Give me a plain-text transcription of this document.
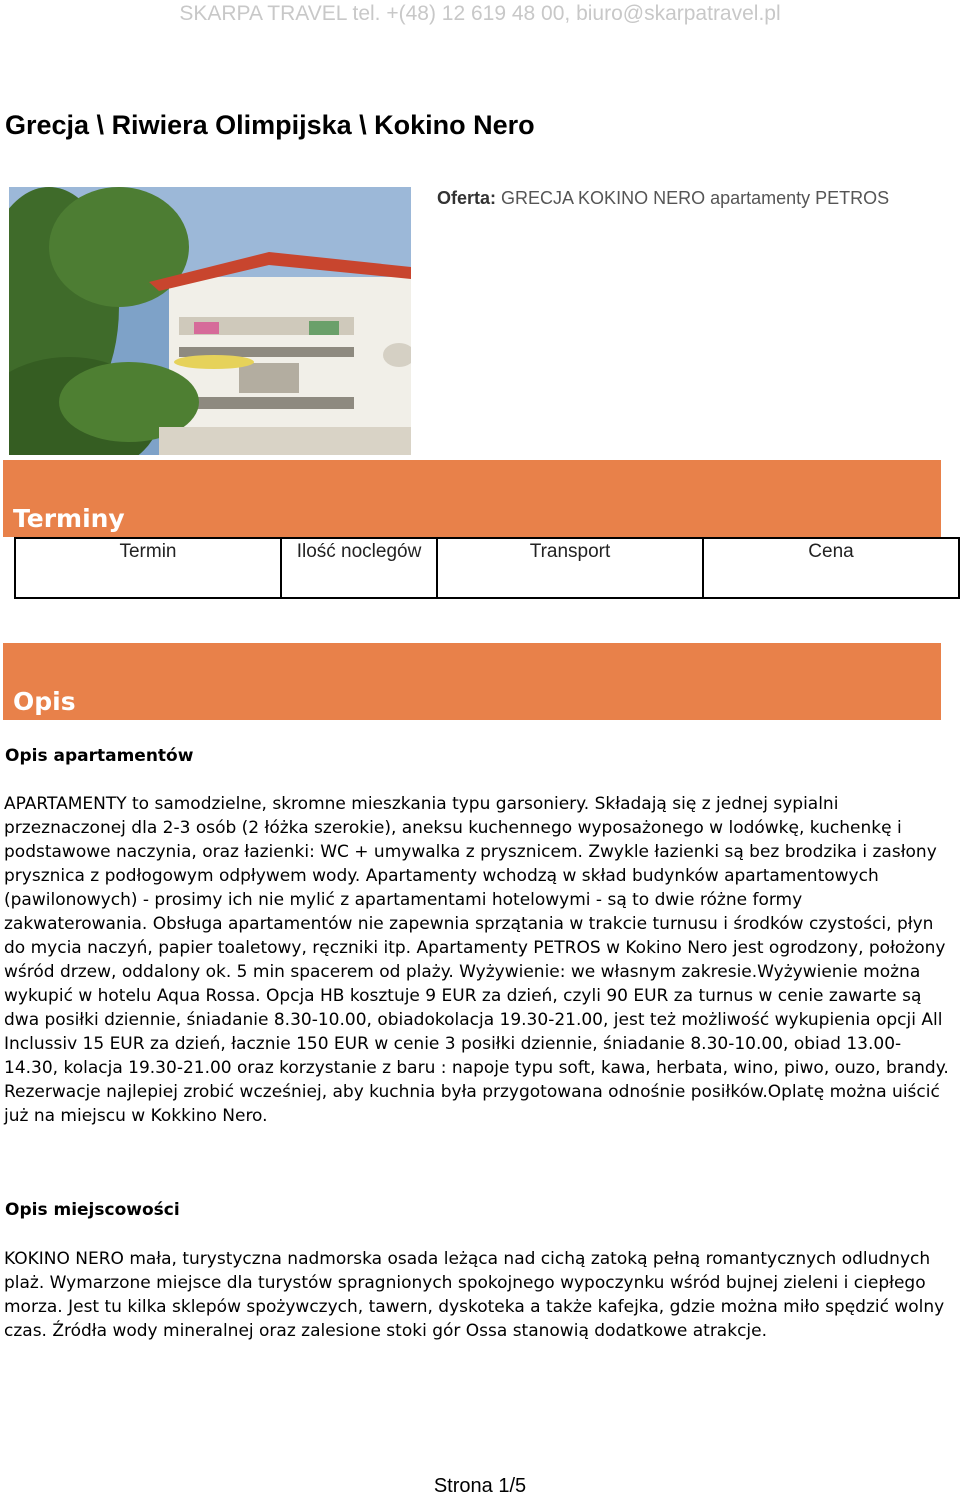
SKARPA TRAVEL tel. +(48) 12 619 48 00, biuro@skarpatravel.pl
Grecja \ Riwiera Olimpijska \ Kokino Nero
Oferta: GRECJA KOKINO NERO apartamenty PETROS
Terminy
Termin	Ilość noclegów	Transport	Cena
Opis
Opis apartamentów
APARTAMENTY to samodzielne, skromne mieszkania typu garsoniery. Składają się z jednej sypialni przeznaczonej dla 2-3 osób (2 łóżka szerokie), aneksu kuchennego wyposażonego w lodówkę, kuchenkę i podstawowe naczynia, oraz łazienki: WC + umywalka z prysznicem. Zwykle łazienki są bez brodzika i zasłony prysznica z podłogowym odpływem wody. Apartamenty wchodzą w skład budynków apartamentowych (pawilonowych) - prosimy ich nie mylić z apartamentami hotelowymi - są to dwie różne formy zakwaterowania. Obsługa apartamentów nie zapewnia sprzątania w trakcie turnusu i środków czystości, płyn do mycia naczyń, papier toaletowy, ręczniki itp. Apartamenty PETROS w Kokino Nero jest ogrodzony, położony wśród drzew, oddalony ok. 5 min spacerem od plaży. Wyżywienie: we własnym zakresie.Wyżywienie można wykupić w hotelu Aqua Rossa. Opcja HB kosztuje 9 EUR za dzień, czyli 90 EUR za turnus w cenie zawarte są dwa posiłki dziennie, śniadanie 8.30-10.00, obiadokolacja 19.30-21.00, jest też możliwość wykupienia opcji All Inclussiv 15 EUR za dzień, łacznie 150 EUR w cenie 3 posiłki dziennie, śniadanie 8.30-10.00, obiad 13.00-14.30, kolacja 19.30-21.00 oraz korzystanie z baru : napoje typu soft, kawa, herbata, wino, piwo, ouzo, brandy. Rezerwacje najlepiej zrobić wcześniej, aby kuchnia była przygotowana odnośnie posiłków.Oplatę można uiścić już na miejscu w Kokkino Nero.
Opis miejscowości
KOKINO NERO mała, turystyczna nadmorska osada leżąca nad cichą zatoką pełną romantycznych odludnych plaż. Wymarzone miejsce dla turystów spragnionych spokojnego wypoczynku wśród bujnej zieleni i ciepłego morza. Jest tu kilka sklepów spożywczych, tawern, dyskoteka a także kafejka, gdzie można miło spędzić wolny czas. Źródła wody mineralnej oraz zalesione stoki gór Ossa stanowią dodatkowe atrakcje.
Strona 1/5
